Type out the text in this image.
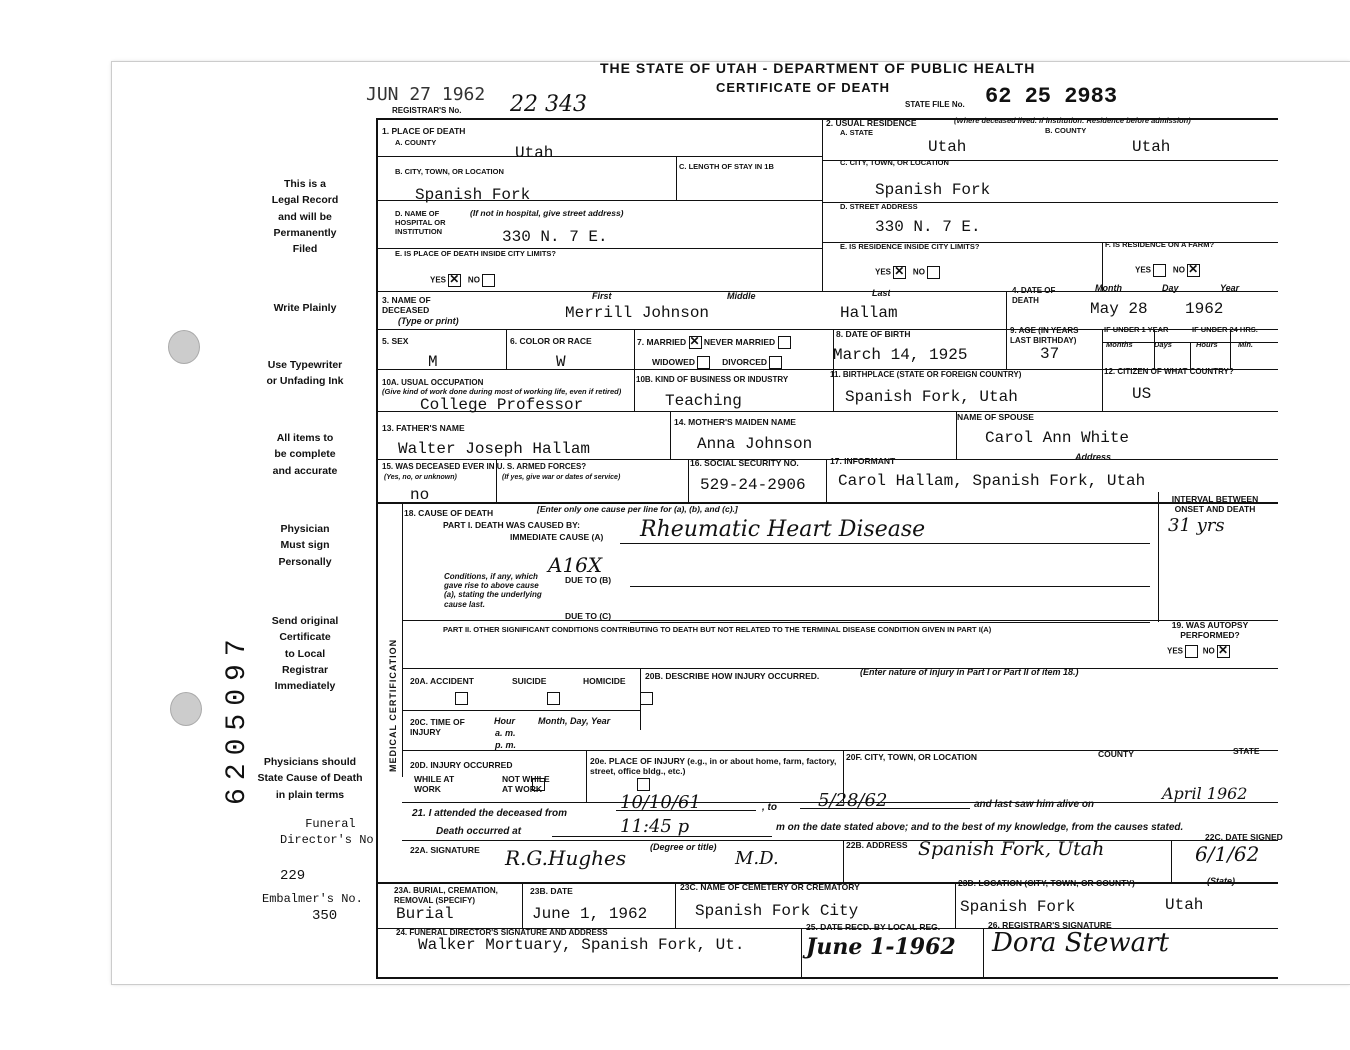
THE STATE OF UTAH - DEPARTMENT OF PUBLIC HEALTH
CERTIFICATE OF DEATH
JUN 27 1962
REGISTRAR'S No. 22 343	STATE FILE No. 62 25 2983
This is a
Legal Record
and will be
Permanently
Filed
Write Plainly
Use Typewriter
or Unfading Ink
All items to
be complete
and accurate
Physician
Must sign
Personally
Send original
Certificate
to Local
Registrar
Immediately
Physicians should
State Cause of Death
in plain terms
Funeral
Director's No.
229
Embalmer's No.
350
6205097
1. PLACE OF DEATH
A. COUNTY
Utah
B. CITY, TOWN, OR LOCATION
Spanish Fork
C. LENGTH OF STAY IN 1B
D. NAME OF HOSPITAL OR INSTITUTION
(If not in hospital, give street address)
330 N. 7 E.
E. IS PLACE OF DEATH INSIDE CITY LIMITS?
YES ✕	NO
2. USUAL RESIDENCE	(Where deceased lived. If institution: Residence before admission)
A. STATE
Utah
B. COUNTY
Utah
C. CITY, TOWN, OR LOCATION
Spanish Fork
D. STREET ADDRESS
330 N. 7 E.
E. IS RESIDENCE INSIDE CITY LIMITS?
YES ✕	NO
F. IS RESIDENCE ON A FARM?
YES	NO ✕
3. NAME OF DECEASED
(Type or print)
First	Middle	Last
Merrill Johnson	Hallam
4. DATE OF DEATH
Month	Day	Year
May 28 1962
5. SEX
M
6. COLOR OR RACE
W
7. MARRIED ✕ NEVER MARRIED
WIDOWED	DIVORCED
8. DATE OF BIRTH
March 14, 1925
9. AGE (IN YEARS LAST BIRTHDAY)
37
IF UNDER 1 YEAR	IF UNDER 24 HRS.
Months	Days	Hours	Min.
10A. USUAL OCCUPATION
(Give kind of work done during most of working life, even if retired)
College Professor
10B. KIND OF BUSINESS OR INDUSTRY
Teaching
11. BIRTHPLACE (STATE OR FOREIGN COUNTRY)
Spanish Fork, Utah
12. CITIZEN OF WHAT COUNTRY?
US
13. FATHER'S NAME
Walter Joseph Hallam
14. MOTHER'S MAIDEN NAME
Anna Johnson
NAME OF SPOUSE
Carol Ann White
15. WAS DECEASED EVER IN U. S. ARMED FORCES?
(Yes, no, or unknown)	(If yes, give war or dates of service)
no
16. SOCIAL SECURITY NO.
529-24-2906
17. INFORMANT	Address
Carol Hallam, Spanish Fork, Utah
MEDICAL CERTIFICATION
18. CAUSE OF DEATH	[Enter only one cause per line for (a), (b), and (c).]
PART I. DEATH WAS CAUSED BY:
IMMEDIATE CAUSE (A) Rheumatic Heart Disease
A16X
Conditions, if any, which gave rise to above cause (a), stating the underlying cause last.
DUE TO (B)
DUE TO (C)
PART II. OTHER SIGNIFICANT CONDITIONS CONTRIBUTING TO DEATH BUT NOT RELATED TO THE TERMINAL DISEASE CONDITION GIVEN IN PART I(A)
INTERVAL BETWEEN ONSET AND DEATH
31 yrs
19. WAS AUTOPSY PERFORMED?
YES NO ✕
20A. ACCIDENT	SUICIDE	HOMICIDE
20B. DESCRIBE HOW INJURY OCCURRED.	(Enter nature of injury in Part I or Part II of item 18.)
20C. TIME OF INJURY
Hour
a. m.
p. m.
Month, Day, Year
20D. INJURY OCCURRED
WHILE AT WORK

NOT WHILE AT WORK
20e. PLACE OF INJURY (e.g., in or about home, farm, factory, street, office bldg., etc.)
20F. CITY, TOWN, OR LOCATION	COUNTY	STATE
21. I attended the deceased from
10/10/61	, to 5/28/62	and last saw him alive on
April 1962
Death occurred at	11:45 p	m on the date stated above; and to the best of my knowledge, from the causes stated.
22A. SIGNATURE	(Degree or title)
R.G.Hughes	M.D.
22B. ADDRESS Spanish Fork, Utah
22C. DATE SIGNED
6/1/62
23A. BURIAL, CREMATION, REMOVAL (SPECIFY)
Burial
23B. DATE
June 1, 1962
23C. NAME OF CEMETERY OR CREMATORY
Spanish Fork City
23D. LOCATION (CITY, TOWN, OR COUNTY)	(State)
Spanish Fork	Utah
24. FUNERAL DIRECTOR'S SIGNATURE AND ADDRESS
Walker Mortuary, Spanish Fork, Ut.
25. DATE RECD. BY LOCAL REG.
June 1-1962
26. REGISTRAR'S SIGNATURE
Dora Stewart
